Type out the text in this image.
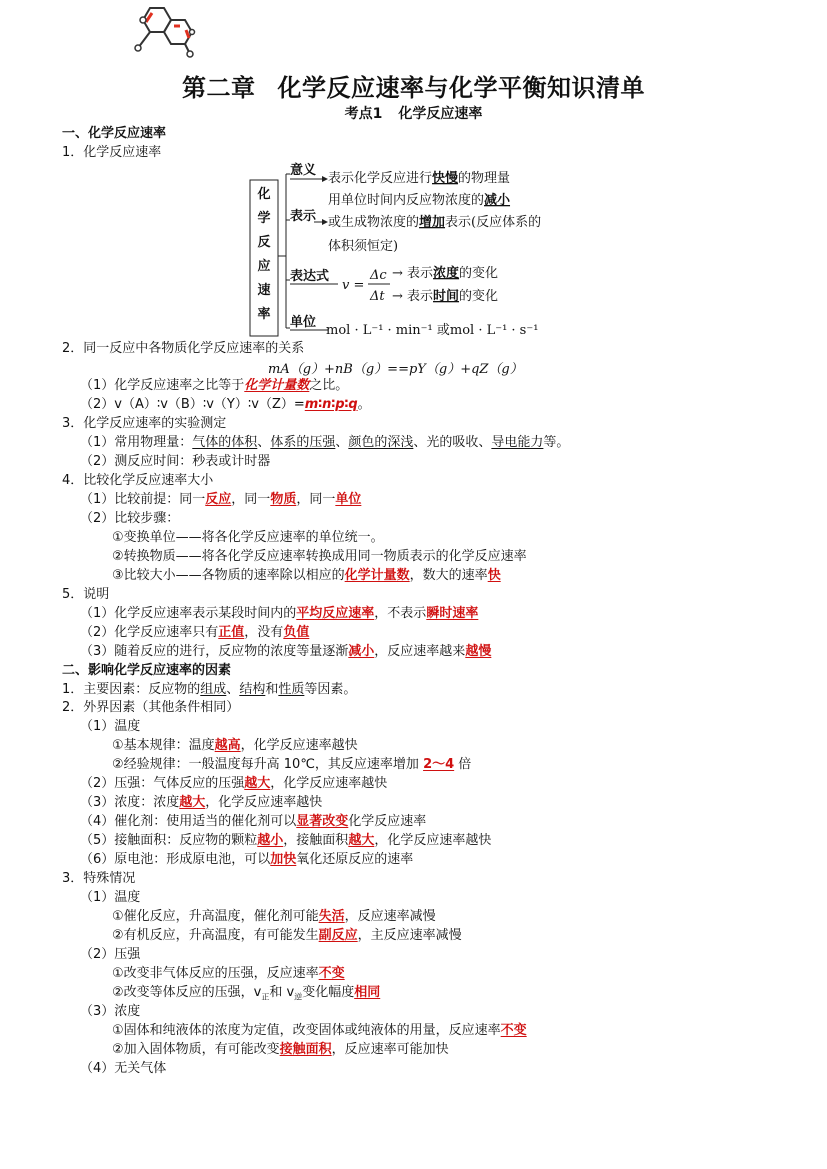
第二章 化学反应速率与化学平衡知识清单
考点1 化学反应速率
一、化学反应速率
1．化学反应速率
化
学
反
应
速
率
意义
表示化学反应进行快慢的物理量
用单位时间内反应物浓度的减小
表示 或生成物浓度的增加表示(反应体系的
体积须恒定)
表达式
v =
Δc
Δt
→ 表示浓度的变化
→ 表示时间的变化
单位
mol · L⁻¹ · min⁻¹ 或mol · L⁻¹ · s⁻¹
2．同一反应中各物质化学反应速率的关系
mA（g）+nB（g）==pY（g）+qZ（g）
（1）化学反应速率之比等于化学计量数之比。
（2）v（A）∶v（B）∶v（Y）∶v（Z）=m∶n∶p∶q。
3．化学反应速率的实验测定
（1）常用物理量：气体的体积、体系的压强、颜色的深浅、光的吸收、导电能力等。
（2）测反应时间：秒表或计时器
4．比较化学反应速率大小
（1）比较前提：同一反应，同一物质，同一单位
（2）比较步骤：
①变换单位——将各化学反应速率的单位统一。
②转换物质——将各化学反应速率转换成用同一物质表示的化学反应速率
③比较大小——各物质的速率除以相应的化学计量数，数大的速率快
5．说明
（1）化学反应速率表示某段时间内的平均反应速率，不表示瞬时速率
（2）化学反应速率只有正值，没有负值
（3）随着反应的进行，反应物的浓度等量逐渐减小，反应速率越来越慢
二、影响化学反应速率的因素
1．主要因素：反应物的组成、结构和性质等因素。
2．外界因素（其他条件相同）
（1）温度
①基本规律：温度越高，化学反应速率越快
②经验规律：一般温度每升高 10℃，其反应速率增加 2～4 倍
（2）压强：气体反应的压强越大，化学反应速率越快
（3）浓度：浓度越大，化学反应速率越快
（4）催化剂：使用适当的催化剂可以显著改变化学反应速率
（5）接触面积：反应物的颗粒越小，接触面积越大，化学反应速率越快
（6）原电池：形成原电池，可以加快氧化还原反应的速率
3．特殊情况
（1）温度
①催化反应，升高温度，催化剂可能失活，反应速率减慢
②有机反应，升高温度，有可能发生副反应，主反应速率减慢
（2）压强
①改变非气体反应的压强，反应速率不变
②改变等体反应的压强，$v_正$和 $v_逆$变化幅度相同
（3）浓度
①固体和纯液体的浓度为定值，改变固体或纯液体的用量，反应速率不变
②加入固体物质，有可能改变接触面积，反应速率可能加快
（4）无关气体
